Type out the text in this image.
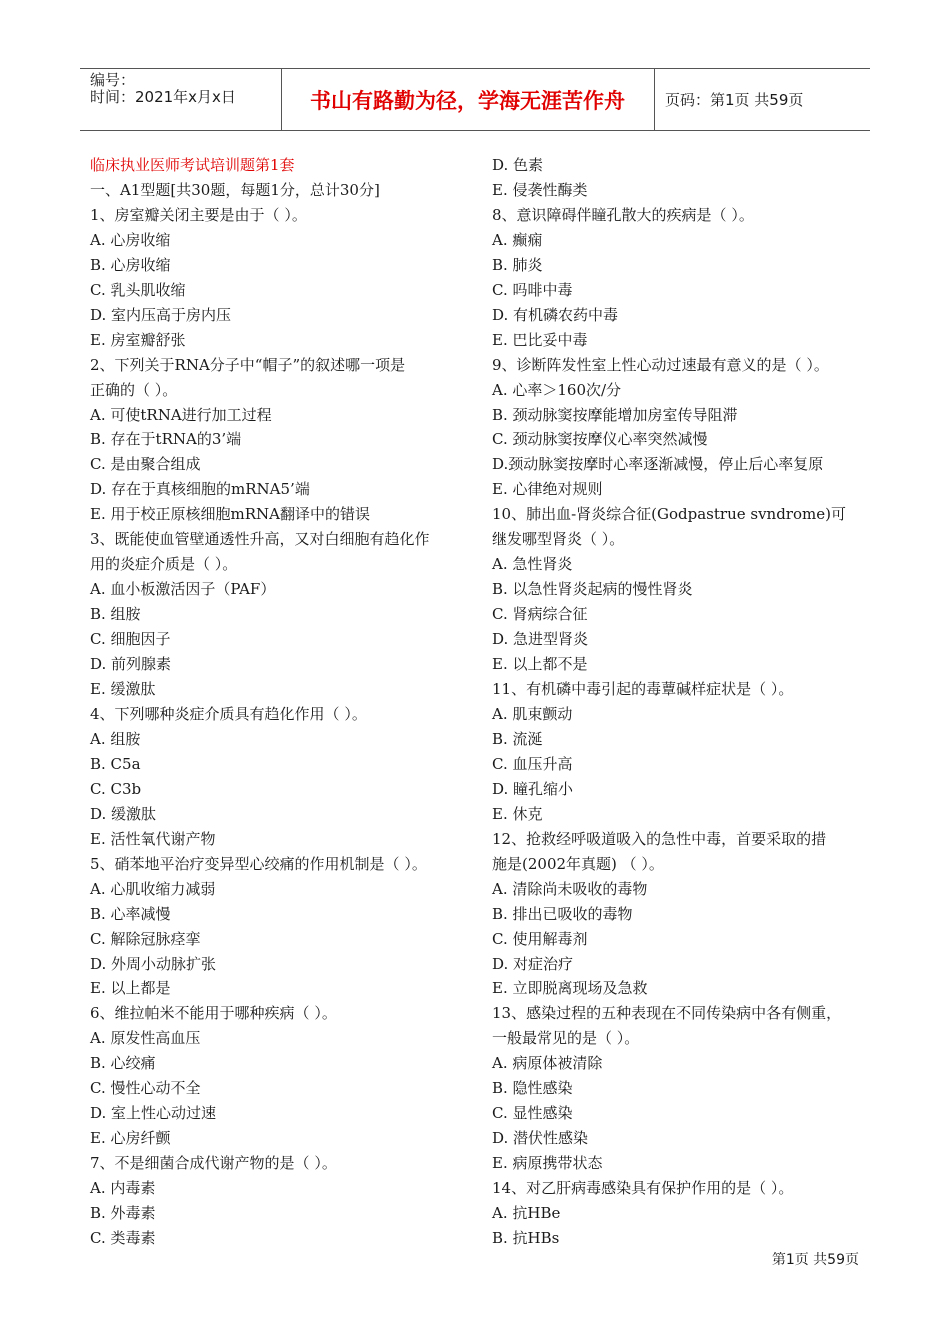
编号：
时间：2021年x月x日	书山有路勤为径，学海无涯苦作舟	页码：第1页 共59页
临床执业医师考试培训题第1套
一、A1型题[共30题，每题1分，总计30分]
1、房室瓣关闭主要是由于（ ）。
A. 心房收缩
B. 心房收缩
C. 乳头肌收缩
D. 室内压高于房内压
E. 房室瓣舒张
2、下列关于RNA分子中“帽子”的叙述哪一项是
正确的（ ）。
A. 可使tRNA进行加工过程
B. 存在于tRNA的3’端
C. 是由聚合组成
D. 存在于真核细胞的mRNA5’端
E. 用于校正原核细胞mRNA翻译中的错误
3、既能使血管壁通透性升高，又对白细胞有趋化作
用的炎症介质是（ ）。
A. 血小板激活因子（PAF）
B. 组胺
C. 细胞因子
D. 前列腺素
E. 缓激肽
4、下列哪种炎症介质具有趋化作用（ ）。
A. 组胺
B. C5a
C. C3b
D. 缓激肽
E. 活性氧代谢产物
5、硝苯地平治疗变异型心绞痛的作用机制是（ ）。
A. 心肌收缩力减弱
B. 心率减慢
C. 解除冠脉痉挛
D. 外周小动脉扩张
E. 以上都是
6、维拉帕米不能用于哪种疾病（ ）。
A. 原发性高血压
B. 心绞痛
C. 慢性心动不全
D. 室上性心动过速
E. 心房纤颤
7、不是细菌合成代谢产物的是（ ）。
A. 内毒素
B. 外毒素
C. 类毒素
D. 色素
E. 侵袭性酶类
8、意识障碍伴瞳孔散大的疾病是（ ）。
A. 癫痫
B. 肺炎
C. 吗啡中毒
D. 有机磷农药中毒
E. 巴比妥中毒
9、诊断阵发性室上性心动过速最有意义的是（ ）。
A. 心率＞160次/分
B. 颈动脉窦按摩能增加房室传导阻滞
C. 颈动脉窦按摩仪心率突然减慢
D.颈动脉窦按摩时心率逐渐减慢，停止后心率复原
E. 心律绝对规则
10、肺出血-肾炎综合征(Godpastrue svndrome)可
继发哪型肾炎（ ）。
A. 急性肾炎
B. 以急性肾炎起病的慢性肾炎
C. 肾病综合征
D. 急进型肾炎
E. 以上都不是
11、有机磷中毒引起的毒蕈碱样症状是（ ）。
A. 肌束颤动
B. 流涎
C. 血压升高
D. 瞳孔缩小
E. 休克
12、抢救经呼吸道吸入的急性中毒，首要采取的措
施是(2002年真题) （ ）。
A. 清除尚未吸收的毒物
B. 排出已吸收的毒物
C. 使用解毒剂
D. 对症治疗
E. 立即脱离现场及急救
13、感染过程的五种表现在不同传染病中各有侧重，
一般最常见的是（ ）。
A. 病原体被清除
B. 隐性感染
C. 显性感染
D. 潜伏性感染
E. 病原携带状态
14、对乙肝病毒感染具有保护作用的是（ ）。
A. 抗HBe
B. 抗HBs
第1页 共59页
